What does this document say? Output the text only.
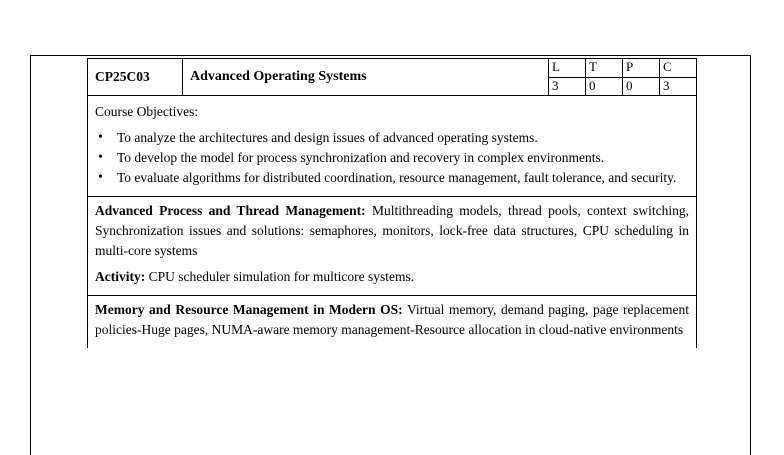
CP25C03	Advanced Operating Systems	L	T	P	C
		3	0	0	3
Course Objectives:
• To analyze the architectures and design issues of advanced operating systems.
• To develop the model for process synchronization and recovery in complex environments.
• To evaluate algorithms for distributed coordination, resource management, fault tolerance, and security.

Advanced Process and Thread Management: Multithreading models, thread pools, context switching, Synchronization issues and solutions: semaphores, monitors, lock-free data structures, CPU scheduling in multi-core systems

Activity: CPU scheduler simulation for multicore systems.

Memory and Resource Management in Modern OS: Virtual memory, demand paging, page replacement policies-Huge pages, NUMA-aware memory management-Resource allocation in cloud-native environments
